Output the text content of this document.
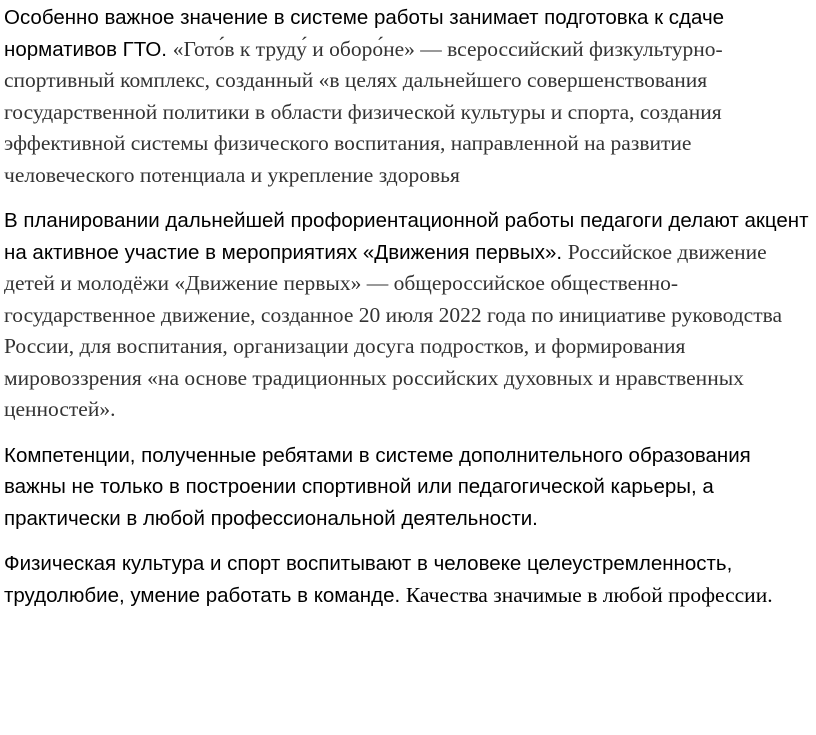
Особенно важное значение в системе работы занимает подготовка к сдаче нормативов ГТО. «Гото́в к труду́ и оборо́не» — всероссийский физкультурно-спортивный комплекс, созданный «в целях дальнейшего совершенствования государственной политики в области физической культуры и спорта, создания эффективной системы физического воспитания, направленной на развитие человеческого потенциала и укрепление здоровья

В планировании дальнейшей профориентационной работы педагоги делают акцент на активное участие в мероприятиях «Движения первых». Российское движение детей и молодёжи «Движение первых» — общероссийское общественно-государственное движение, созданное 20 июля 2022 года по инициативе руководства России, для воспитания, организации досуга подростков, и формирования мировоззрения «на основе традиционных российских духовных и нравственных ценностей».

Компетенции, полученные ребятами в системе дополнительного образования важны не только в построении спортивной или педагогической карьеры, а практически в любой профессиональной деятельности.

Физическая культура и спорт воспитывают в человеке целеустремленность, трудолюбие, умение работать в команде. Качества значимые в любой профессии.
